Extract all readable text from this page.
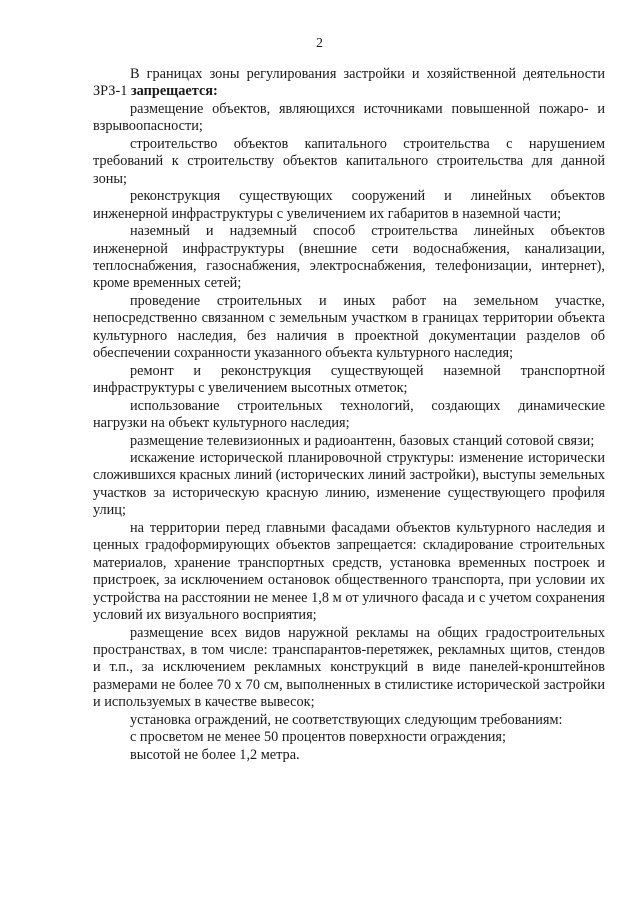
2

В границах зоны регулирования застройки и хозяйственной деятельности ЗРЗ-1 запрещается:

размещение объектов, являющихся источниками повышенной пожаро- и взрывоопасности;

строительство объектов капитального строительства с нарушением требований к строительству объектов капитального строительства для данной зоны;

реконструкция существующих сооружений и линейных объектов инженерной инфраструктуры с увеличением их габаритов в наземной части;

наземный и надземный способ строительства линейных объектов инженерной инфраструктуры (внешние сети водоснабжения, канализации, теплоснабжения, газоснабжения, электроснабжения, телефонизации, интернет), кроме временных сетей;

проведение строительных и иных работ на земельном участке, непосредственно связанном с земельным участком в границах территории объекта культурного наследия, без наличия в проектной документации разделов об обеспечении сохранности указанного объекта культурного наследия;

ремонт и реконструкция существующей наземной транспортной инфраструктуры с увеличением высотных отметок;

использование строительных технологий, создающих динамические нагрузки на объект культурного наследия;

размещение телевизионных и радиоантенн, базовых станций сотовой связи;

искажение исторической планировочной структуры: изменение исторически сложившихся красных линий (исторических линий застройки), выступы земельных участков за историческую красную линию, изменение существующего профиля улиц;

на территории перед главными фасадами объектов культурного наследия и ценных градоформирующих объектов запрещается: складирование строительных материалов, хранение транспортных средств, установка временных построек и пристроек, за исключением остановок общественного транспорта, при условии их устройства на расстоянии не менее 1,8 м от уличного фасада и с учетом сохранения условий их визуального восприятия;

размещение всех видов наружной рекламы на общих градостроительных пространствах, в том числе: транспарантов-перетяжек, рекламных щитов, стендов и т.п., за исключением рекламных конструкций в виде панелей-кронштейнов размерами не более 70 х 70 см, выполненных в стилистике исторической застройки и используемых в качестве вывесок;

установка ограждений, не соответствующих следующим требованиям:

с просветом не менее 50 процентов поверхности ограждения;

высотой не более 1,2 метра.
